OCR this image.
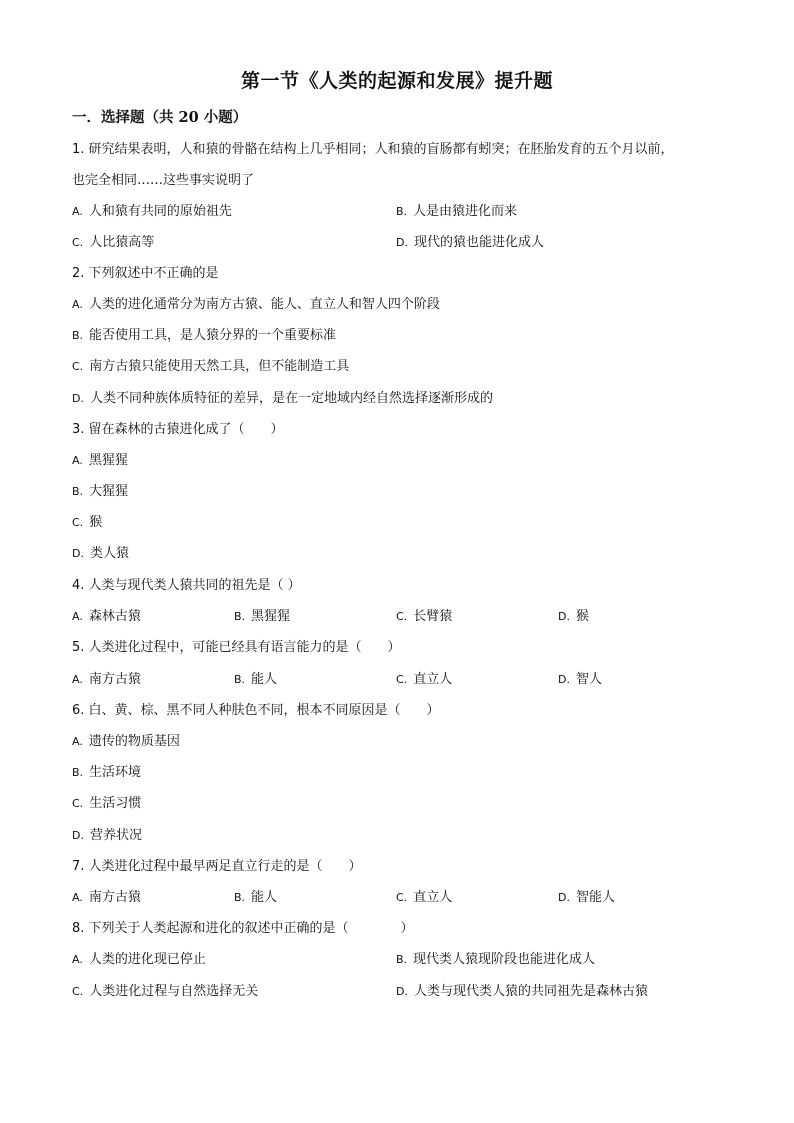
第一节《人类的起源和发展》提升题
一．选择题（共 20 小题）
1. 研究结果表明，人和猿的骨骼在结构上几乎相同；人和猿的盲肠都有蚓突；在胚胎发育的五个月以前，
也完全相同……这些事实说明了
A. 人和猿有共同的原始祖先	B. 人是由猿进化而来
C. 人比猿高等	D. 现代的猿也能进化成人
2. 下列叙述中不正确的是
A. 人类的进化通常分为南方古猿、能人、直立人和智人四个阶段
B. 能否使用工具，是人猿分界的一个重要标准
C. 南方古猿只能使用天然工具，但不能制造工具
D. 人类不同种族体质特征的差异，是在一定地域内经自然选择逐渐形成的
3. 留在森林的古猿进化成了（　　）
A. 黑猩猩
B. 大猩猩
C. 猴
D. 类人猿
4. 人类与现代类人猿共同的祖先是（ ）
A. 森林古猿	B. 黑猩猩	C. 长臂猿	D. 猴
5. 人类进化过程中，可能已经具有语言能力的是（　　）
A. 南方古猿	B. 能人	C. 直立人	D. 智人
6. 白、黄、棕、黑不同人种肤色不同，根本不同原因是（　　）
A. 遗传的物质基因
B. 生活环境
C. 生活习惯
D. 营养状况
7. 人类进化过程中最早两足直立行走的是（　　）
A. 南方古猿	B. 能人	C. 直立人	D. 智能人
8. 下列关于人类起源和进化的叙述中正确的是（　　　　）
A. 人类的进化现已停止	B. 现代类人猿现阶段也能进化成人
C. 人类进化过程与自然选择无关	D. 人类与现代类人猿的共同祖先是森林古猿
